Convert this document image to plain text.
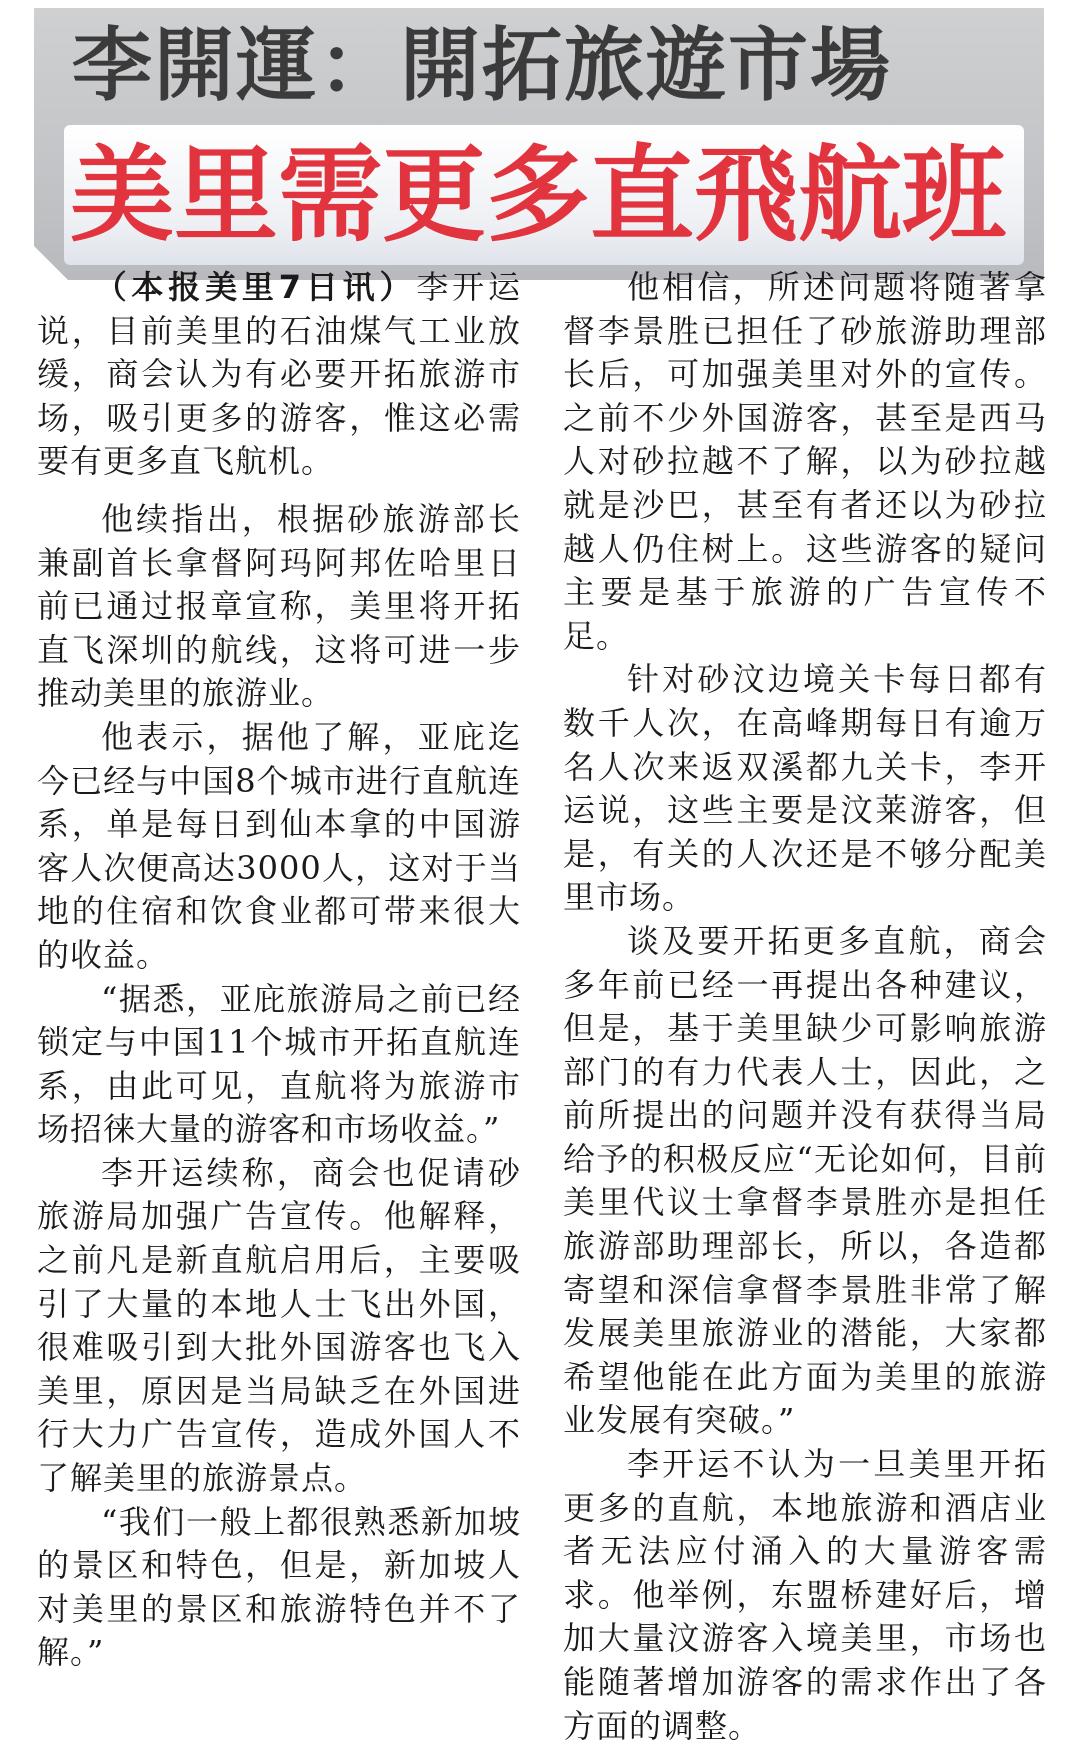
李開運：開拓旅遊市場
美里需更多直飛航班

（本报美里7日讯）李开运说，目前美里的石油煤气工业放缓，商会认为有必要开拓旅游市场，吸引更多的游客，惟这必需要有更多直飞航机。

他续指出，根据砂旅游部长兼副首长拿督阿玛阿邦佐哈里日前已通过报章宣称，美里将开拓直飞深圳的航线，这将可进一步推动美里的旅游业。

他表示，据他了解，亚庇迄今已经与中国8个城市进行直航连系，单是每日到仙本拿的中国游客人次便高达3000人，这对于当地的住宿和饮食业都可带来很大的收益。

“据悉，亚庇旅游局之前已经锁定与中国11个城市开拓直航连系，由此可见，直航将为旅游市场招徕大量的游客和市场收益。”

李开运续称，商会也促请砂旅游局加强广告宣传。他解释，之前凡是新直航启用后，主要吸引了大量的本地人士飞出外国，很难吸引到大批外国游客也飞入美里，原因是当局缺乏在外国进行大力广告宣传，造成外国人不了解美里的旅游景点。

“我们一般上都很熟悉新加坡的景区和特色，但是，新加坡人对美里的景区和旅游特色并不了解。”

他相信，所述问题将随著拿督李景胜已担任了砂旅游助理部长后，可加强美里对外的宣传。之前不少外国游客，甚至是西马人对砂拉越不了解，以为砂拉越就是沙巴，甚至有者还以为砂拉越人仍住树上。这些游客的疑问主要是基于旅游的广告宣传不足。

针对砂汶边境关卡每日都有数千人次，在高峰期每日有逾万名人次来返双溪都九关卡，李开运说，这些主要是汶莱游客，但是，有关的人次还是不够分配美里市场。

谈及要开拓更多直航，商会多年前已经一再提出各种建议，但是，基于美里缺少可影响旅游部门的有力代表人士，因此，之前所提出的问题并没有获得当局给予的积极反应“无论如何，目前美里代议士拿督李景胜亦是担任旅游部助理部长，所以，各造都寄望和深信拿督李景胜非常了解发展美里旅游业的潜能，大家都希望他能在此方面为美里的旅游业发展有突破。”

李开运不认为一旦美里开拓更多的直航，本地旅游和酒店业者无法应付涌入的大量游客需求。他举例，东盟桥建好后，增加大量汶游客入境美里，市场也能随著增加游客的需求作出了各方面的调整。
